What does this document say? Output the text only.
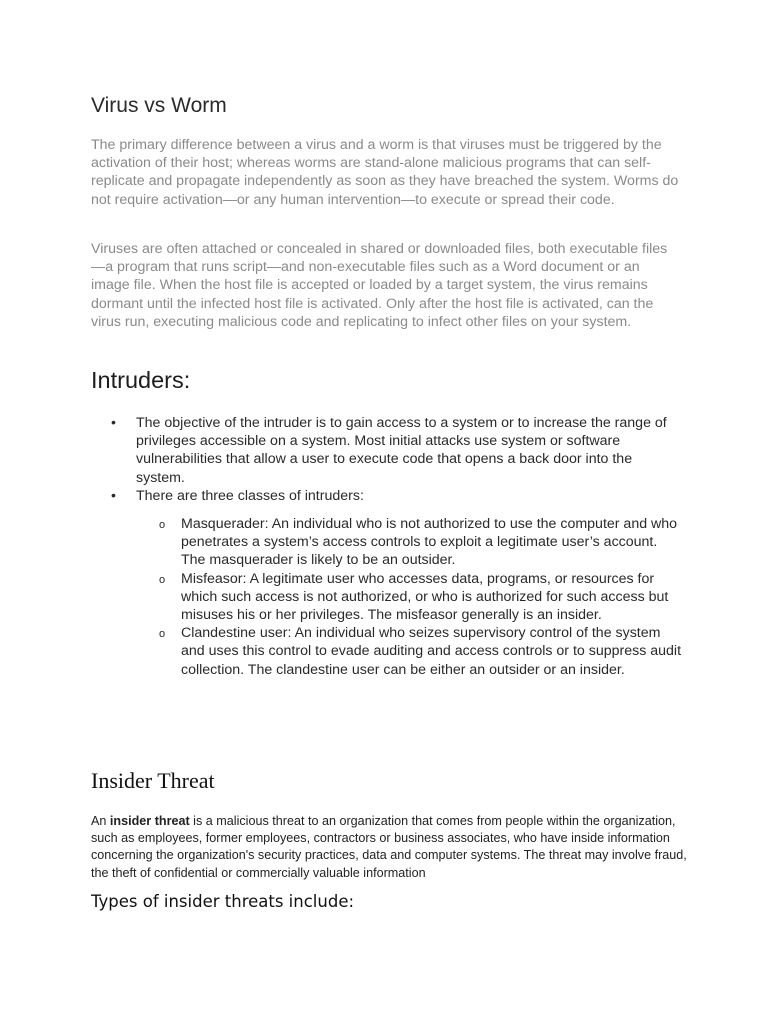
Virus vs Worm

The primary difference between a virus and a worm is that viruses must be triggered by the activation of their host; whereas worms are stand-alone malicious programs that can self-replicate and propagate independently as soon as they have breached the system. Worms do not require activation—or any human intervention—to execute or spread their code.

Viruses are often attached or concealed in shared or downloaded files, both executable files—a program that runs script—and non-executable files such as a Word document or an image file. When the host file is accepted or loaded by a target system, the virus remains dormant until the infected host file is activated. Only after the host file is activated, can the virus run, executing malicious code and replicating to infect other files on your system.

Intruders:
• The objective of the intruder is to gain access to a system or to increase the range of privileges accessible on a system. Most initial attacks use system or software vulnerabilities that allow a user to execute code that opens a back door into the system.
• There are three classes of intruders:
o Masquerader: An individual who is not authorized to use the computer and who penetrates a system’s access controls to exploit a legitimate user’s account. The masquerader is likely to be an outsider.
o Misfeasor: A legitimate user who accesses data, programs, or resources for which such access is not authorized, or who is authorized for such access but misuses his or her privileges. The misfeasor generally is an insider.
o Clandestine user: An individual who seizes supervisory control of the system and uses this control to evade auditing and access controls or to suppress audit collection. The clandestine user can be either an outsider or an insider.
Insider Threat

An insider threat is a malicious threat to an organization that comes from people within the organization, such as employees, former employees, contractors or business associates, who have inside information concerning the organization's security practices, data and computer systems. The threat may involve fraud, the theft of confidential or commercially valuable information

Types of insider threats include:
